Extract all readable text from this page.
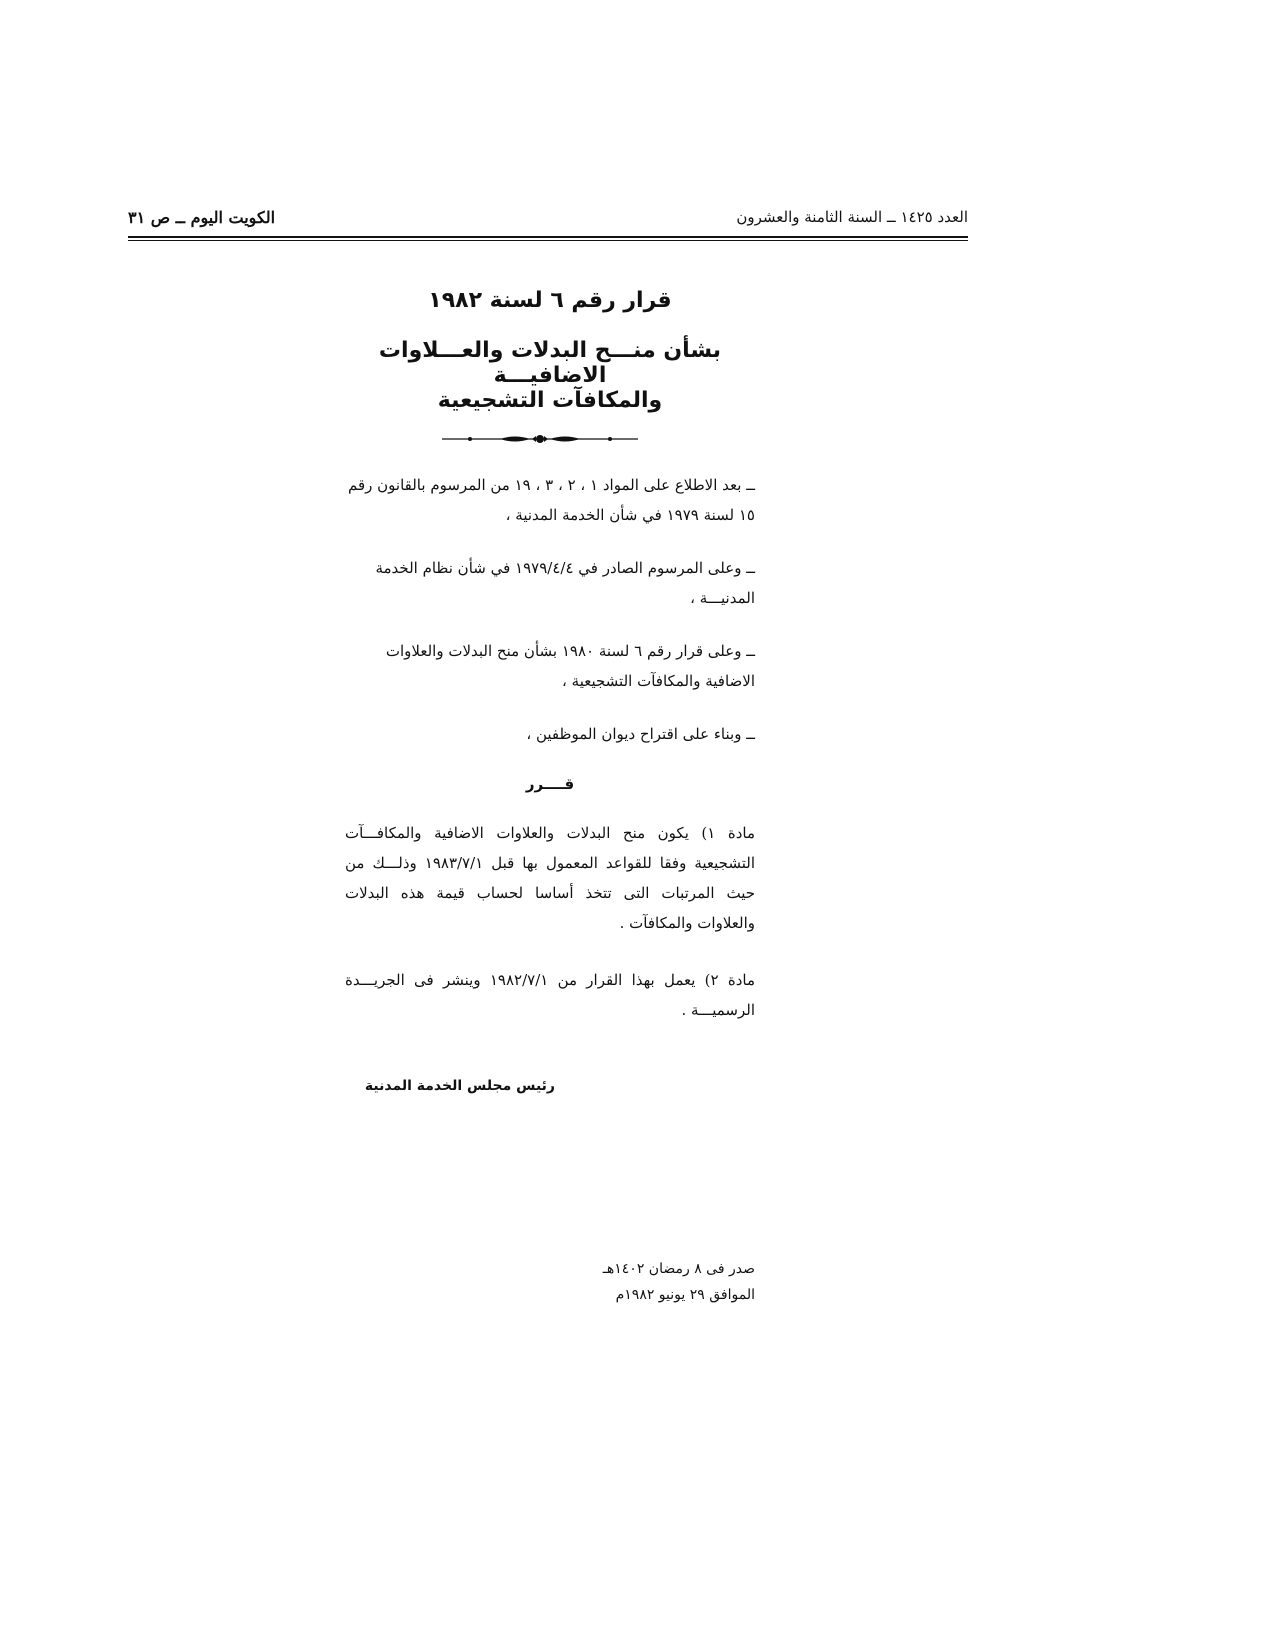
العدد ١٤٢٥ ــ السنة الثامنة والعشرون
الكويت اليوم ــ ص ٣١
قرار رقم ٦ لسنة ١٩٨٢
بشأن منـــح البدلات والعـــلاوات الاضافيـــة
والمكافآت التشجيعية
ــ بعد الاطلاع على المواد ١ ، ٢ ، ٣ ، ١٩ من المرسوم بالقانون رقم ١٥ لسنة ١٩٧٩ في شأن الخدمة المدنية ،
ــ وعلى المرسوم الصادر في ١٩٧٩/٤/٤ في شأن نظام الخدمة المدنيـــة ،
ــ وعلى قرار رقم ٦ لسنة ١٩٨٠ بشأن منح البدلات والعلاوات الاضافية والمكافآت التشجيعية ،
ــ وبناء على اقتراح ديوان الموظفين ،
قــــرر
مادة ١) يكون منح البدلات والعلاوات الاضافية والمكافـــآت التشجيعية وفقا للقواعد المعمول بها قبل ١٩٨٣/٧/١ وذلـــك من حيث المرتبات التى تتخذ أساسا لحساب قيمة هذه البدلات والعلاوات والمكافآت .
مادة ٢) يعمل بهذا القرار من ١٩٨٢/٧/١ وينشر فى الجريـــدة الرسميـــة .
رئيس مجلس الخدمة المدنية
صدر فى ٨ رمضان ١٤٠٢هـ
الموافق ٢٩ يونيو ١٩٨٢م
